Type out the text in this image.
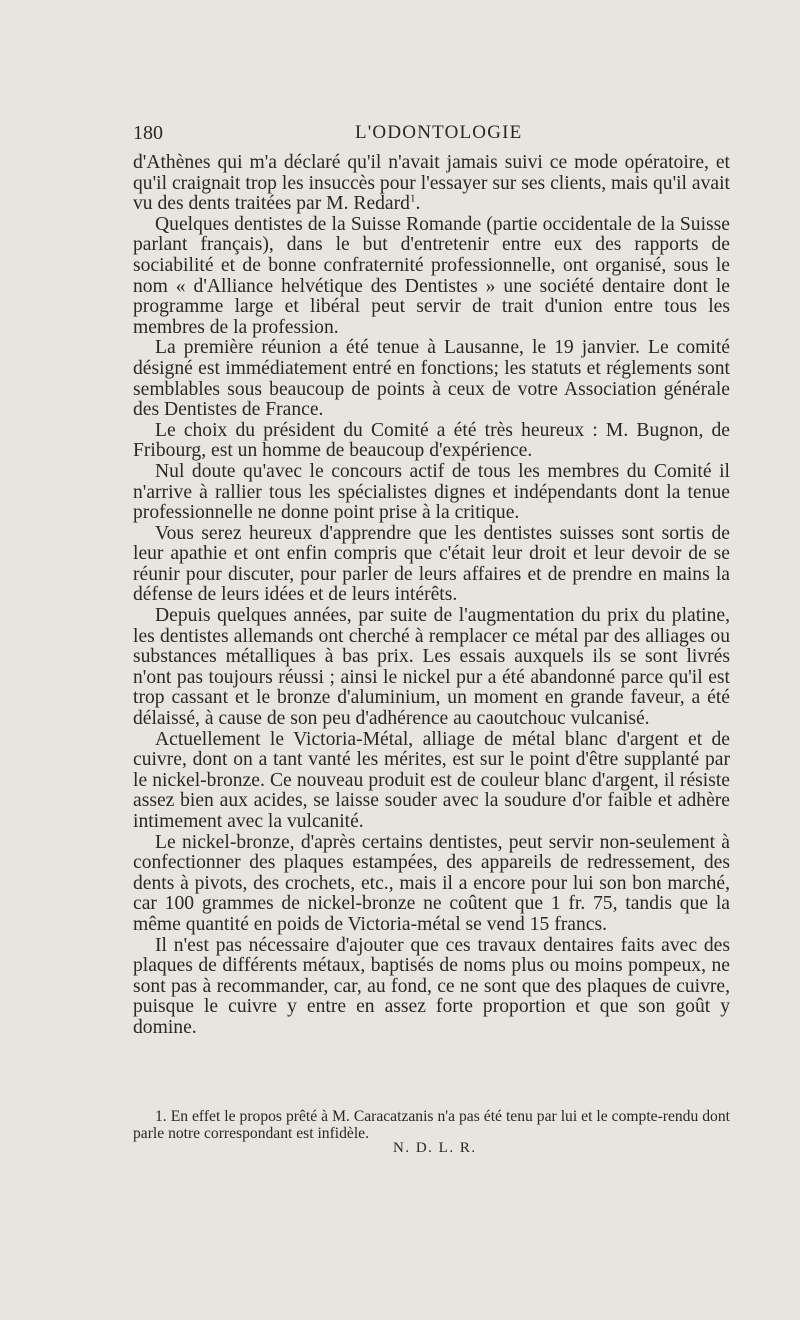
180	L'ODONTOLOGIE

d'Athènes qui m'a déclaré qu'il n'avait jamais suivi ce mode opératoire, et qu'il craignait trop les insuccès pour l'essayer sur ses clients, mais qu'il avait vu des dents traitées par M. Redard$^1$.

Quelques dentistes de la Suisse Romande (partie occidentale de la Suisse parlant français), dans le but d'entretenir entre eux des rapports de sociabilité et de bonne confraternité professionnelle, ont organisé, sous le nom « d'Alliance helvétique des Dentistes » une société dentaire dont le programme large et libéral peut servir de trait d'union entre tous les membres de la profession.

La première réunion a été tenue à Lausanne, le 19 janvier. Le comité désigné est immédiatement entré en fonctions; les statuts et réglements sont semblables sous beaucoup de points à ceux de votre Association générale des Dentistes de France.

Le choix du président du Comité a été très heureux : M. Bugnon, de Fribourg, est un homme de beaucoup d'expérience.

Nul doute qu'avec le concours actif de tous les membres du Comité il n'arrive à rallier tous les spécialistes dignes et indépendants dont la tenue professionnelle ne donne point prise à la critique.

Vous serez heureux d'apprendre que les dentistes suisses sont sortis de leur apathie et ont enfin compris que c'était leur droit et leur devoir de se réunir pour discuter, pour parler de leurs affaires et de prendre en mains la défense de leurs idées et de leurs intérêts.

Depuis quelques années, par suite de l'augmentation du prix du platine, les dentistes allemands ont cherché à remplacer ce métal par des alliages ou substances métalliques à bas prix. Les essais auxquels ils se sont livrés n'ont pas toujours réussi ; ainsi le nickel pur a été abandonné parce qu'il est trop cassant et le bronze d'aluminium, un moment en grande faveur, a été délaissé, à cause de son peu d'adhérence au caoutchouc vulcanisé.

Actuellement le Victoria-Métal, alliage de métal blanc d'argent et de cuivre, dont on a tant vanté les mérites, est sur le point d'être supplanté par le nickel-bronze. Ce nouveau produit est de couleur blanc d'argent, il résiste assez bien aux acides, se laisse souder avec la soudure d'or faible et adhère intimement avec la vulcanité.

Le nickel-bronze, d'après certains dentistes, peut servir non-seulement à confectionner des plaques estampées, des appareils de redressement, des dents à pivots, des crochets, etc., mais il a encore pour lui son bon marché, car 100 grammes de nickel-bronze ne coûtent que 1 fr. 75, tandis que la même quantité en poids de Victoria-métal se vend 15 francs.

Il n'est pas nécessaire d'ajouter que ces travaux dentaires faits avec des plaques de différents métaux, baptisés de noms plus ou moins pompeux, ne sont pas à recommander, car, au fond, ce ne sont que des plaques de cuivre, puisque le cuivre y entre en assez forte proportion et que son goût y domine.

1. En effet le propos prêté à M. Caracatzanis n'a pas été tenu par lui et le compte-rendu dont parle notre correspondant est infidèle.

N. D. L. R.
